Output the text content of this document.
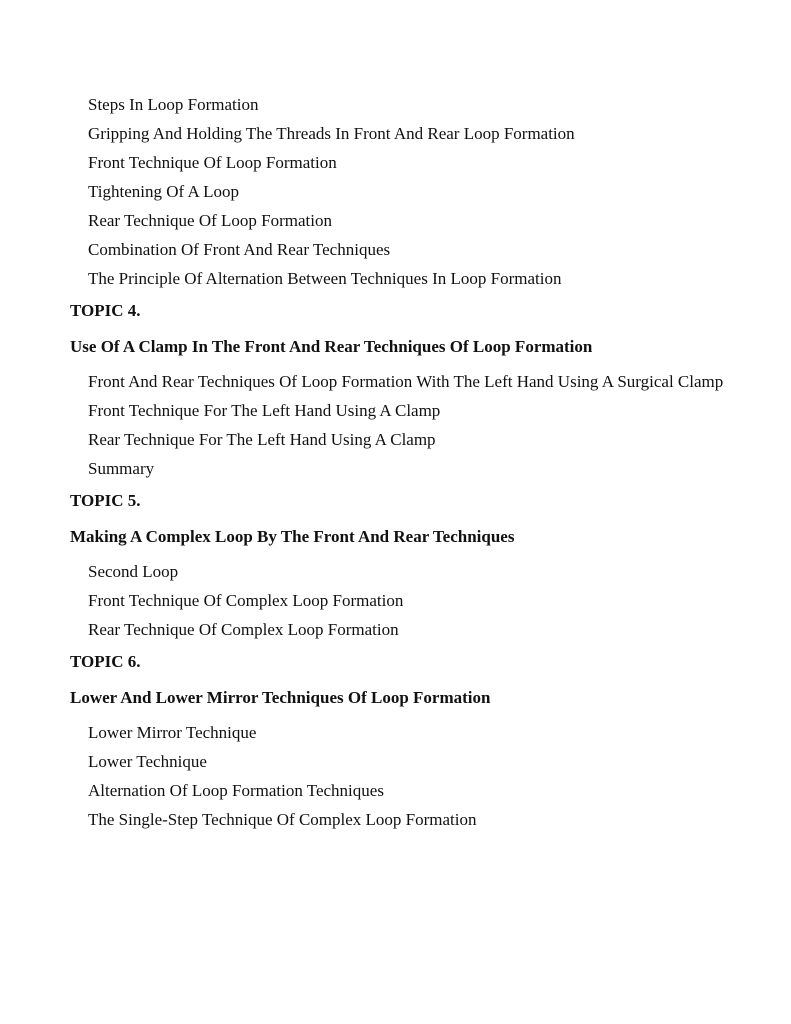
Steps In Loop Formation
Gripping And Holding The Threads In Front And Rear Loop Formation
Front Technique Of Loop Formation
Tightening Of A Loop
Rear Technique Of Loop Formation
Combination Of Front And Rear Techniques
The Principle Of Alternation Between Techniques In Loop Formation
TOPIC 4.
Use Of A Clamp In The Front And Rear Techniques Of Loop Formation
Front And Rear Techniques Of Loop Formation With The Left Hand Using A Surgical Clamp
Front Technique For The Left Hand Using A Clamp
Rear Technique For The Left Hand Using A Clamp
Summary
TOPIC 5.
Making A Complex Loop By The Front And Rear Techniques
Second Loop
Front Technique Of Complex Loop Formation
Rear Technique Of Complex Loop Formation
TOPIC 6.
Lower And Lower Mirror Techniques Of Loop Formation
Lower Mirror Technique
Lower Technique
Alternation Of Loop Formation Techniques
The Single-Step Technique Of Complex Loop Formation
